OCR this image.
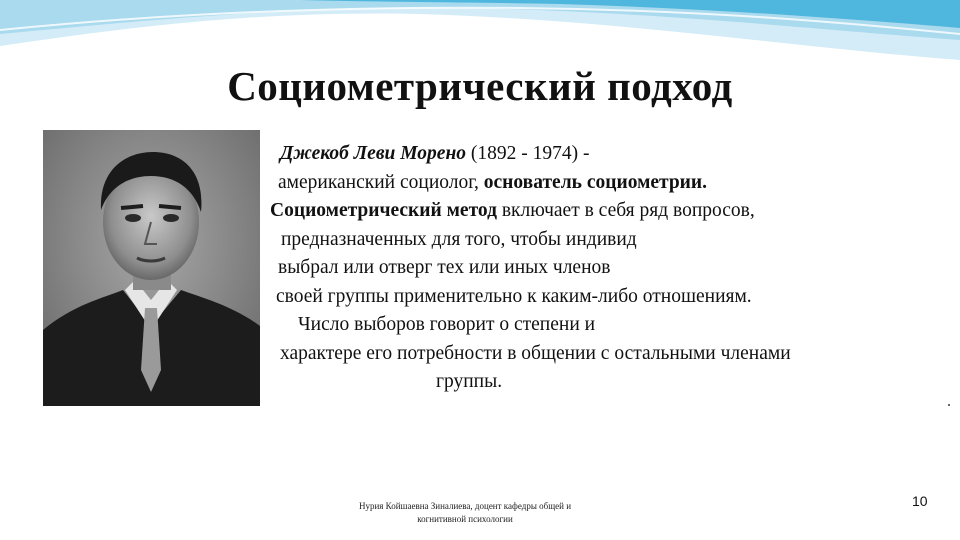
Социометрический подход
Джекоб Леви Морено (1892 - 1974) -
американский социолог, основатель социометрии.
Социометрический метод включает в себя ряд вопросов,
предназначенных для того, чтобы индивид
выбрал или отверг тех или иных членов
своей группы применительно к каким-либо отношениям.
Число выборов говорит о степени и
характере его потребности в общении с остальными членами
группы.
Нурия Койшаевна Зиналиева, доцент кафедры общей и
когнитивной психологии
10
